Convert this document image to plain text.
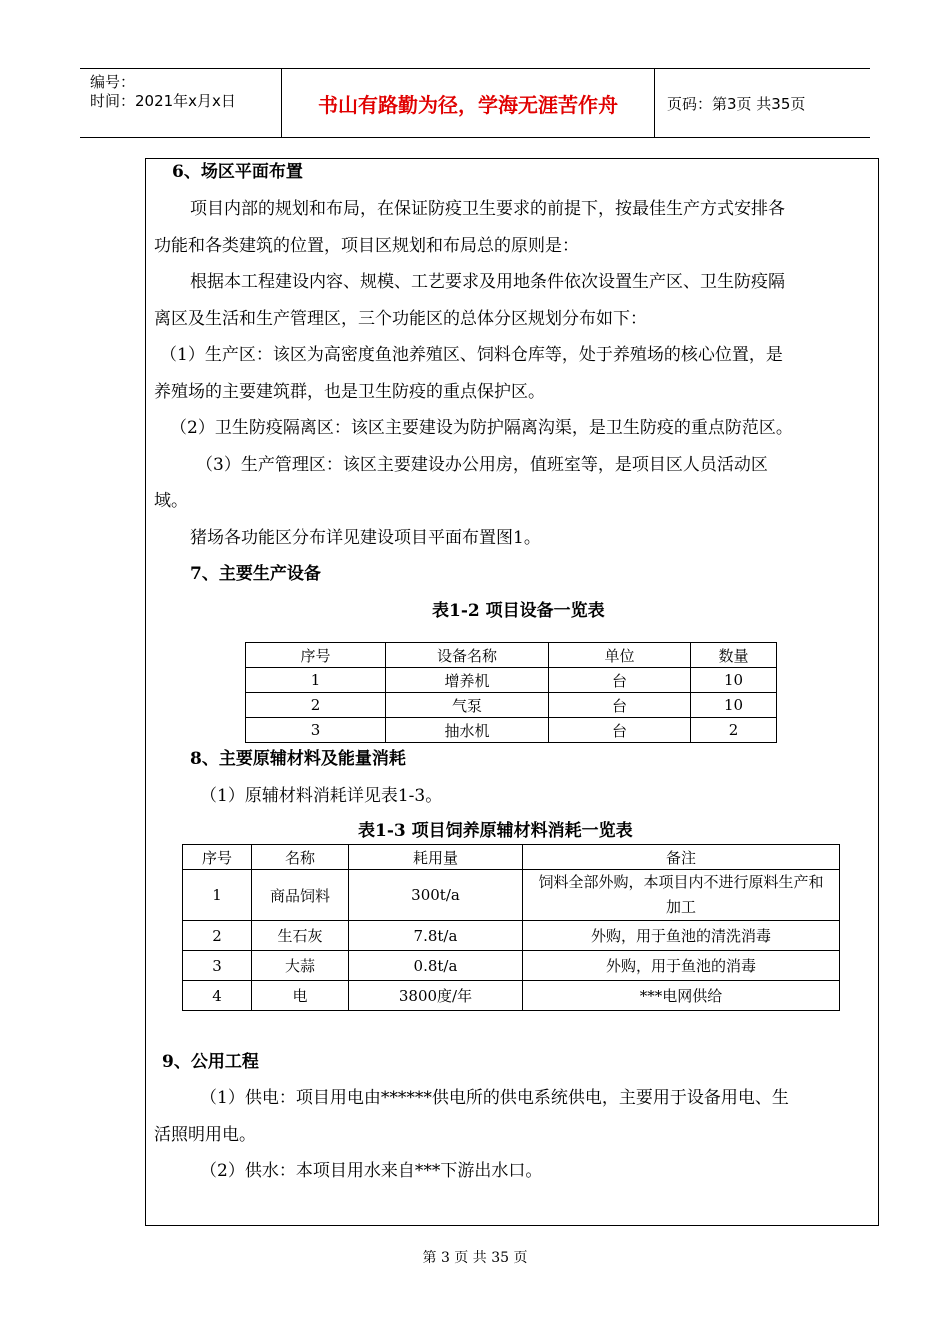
编号：
时间：2021年x月x日	书山有路勤为径，学海无涯苦作舟	页码：第3页 共35页
6、场区平面布置
项目内部的规划和布局，在保证防疫卫生要求的前提下，按最佳生产方式安排各
功能和各类建筑的位置，项目区规划和布局总的原则是：
根据本工程建设内容、规模、工艺要求及用地条件依次设置生产区、卫生防疫隔
离区及生活和生产管理区，三个功能区的总体分区规划分布如下：
（1）生产区：该区为高密度鱼池养殖区、饲料仓库等，处于养殖场的核心位置，是
养殖场的主要建筑群，也是卫生防疫的重点保护区。
（2）卫生防疫隔离区：该区主要建设为防护隔离沟渠，是卫生防疫的重点防范区。
（3）生产管理区：该区主要建设办公用房，值班室等，是项目区人员活动区
域。
猪场各功能区分布详见建设项目平面布置图1。
7、主要生产设备
表1-2 项目设备一览表
序号	设备名称	单位	数量
1	增养机	台	10
2	气泵	台	10
3	抽水机	台	2
8、主要原辅材料及能量消耗
（1）原辅材料消耗详见表1-3。
表1-3 项目饲养原辅材料消耗一览表
序号	名称	耗用量	备注
1	商品饲料	300t/a	饲料全部外购，本项目内不进行原料生产和加工
2	生石灰	7.8t/a	外购，用于鱼池的清洗消毒
3	大蒜	0.8t/a	外购，用于鱼池的消毒
4	电	3800度/年	***电网供给
9、公用工程
（1）供电：项目用电由******供电所的供电系统供电，主要用于设备用电、生
活照明用电。
（2）供水：本项目用水来自***下游出水口。
第 3 页 共 35 页
